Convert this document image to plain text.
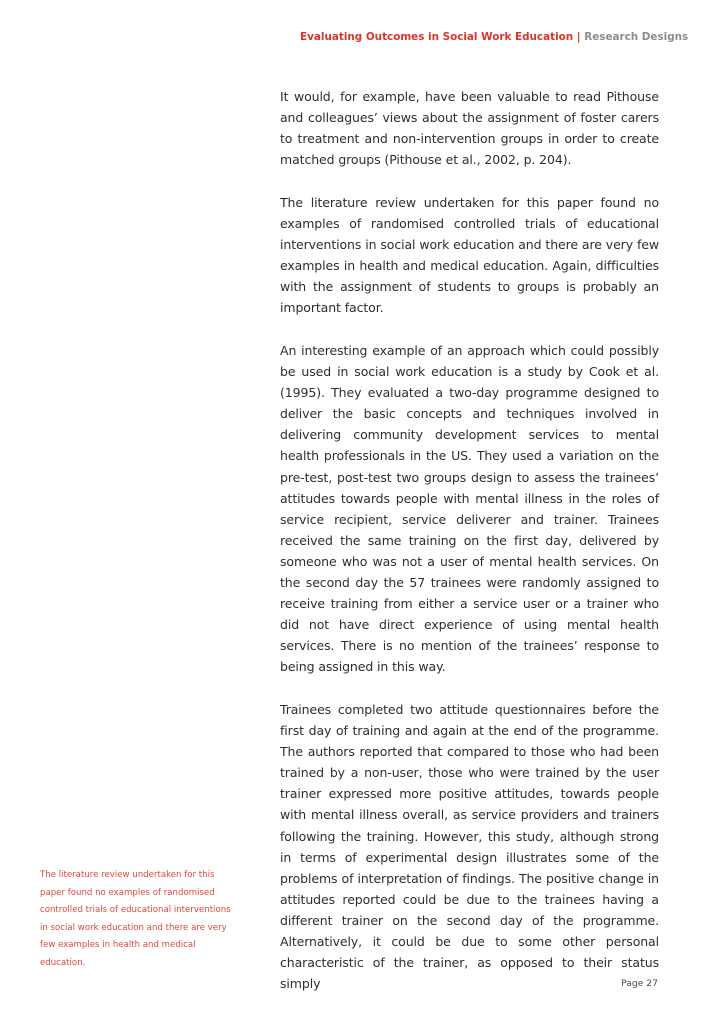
Evaluating Outcomes in Social Work Education | Research Designs

It would, for example, have been valuable to read Pithouse and colleagues’ views about the assignment of foster carers to treatment and non-intervention groups in order to create matched groups (Pithouse et al., 2002, p. 204).

The literature review undertaken for this paper found no examples of randomised controlled trials of educational interventions in social work education and there are very few examples in health and medical education. Again, difficulties with the assignment of students to groups is probably an important factor.

An interesting example of an approach which could possibly be used in social work education is a study by Cook et al. (1995). They evaluated a two-day programme designed to deliver the basic concepts and techniques involved in delivering community development services to mental health professionals in the US. They used a variation on the pre-test, post-test two groups design to assess the trainees’ attitudes towards people with mental illness in the roles of service recipient, service deliverer and trainer. Trainees received the same training on the first day, delivered by someone who was not a user of mental health services. On the second day the 57 trainees were randomly assigned to receive training from either a service user or a trainer who did not have direct experience of using mental health services. There is no mention of the trainees’ response to being assigned in this way.

Trainees completed two attitude questionnaires before the first day of training and again at the end of the programme. The authors reported that compared to those who had been trained by a non-user, those who were trained by the user trainer expressed more positive attitudes, towards people with mental illness overall, as service providers and trainers following the training. However, this study, although strong in terms of experimental design illustrates some of the problems of interpretation of findings. The positive change in attitudes reported could be due to the trainees having a different trainer on the second day of the programme. Alternatively, it could be due to some other personal characteristic of the trainer, as opposed to their status simply

The literature review undertaken for this paper found no examples of randomised controlled trials of educational interventions in social work education and there are very few examples in health and medical education.
Page 27
